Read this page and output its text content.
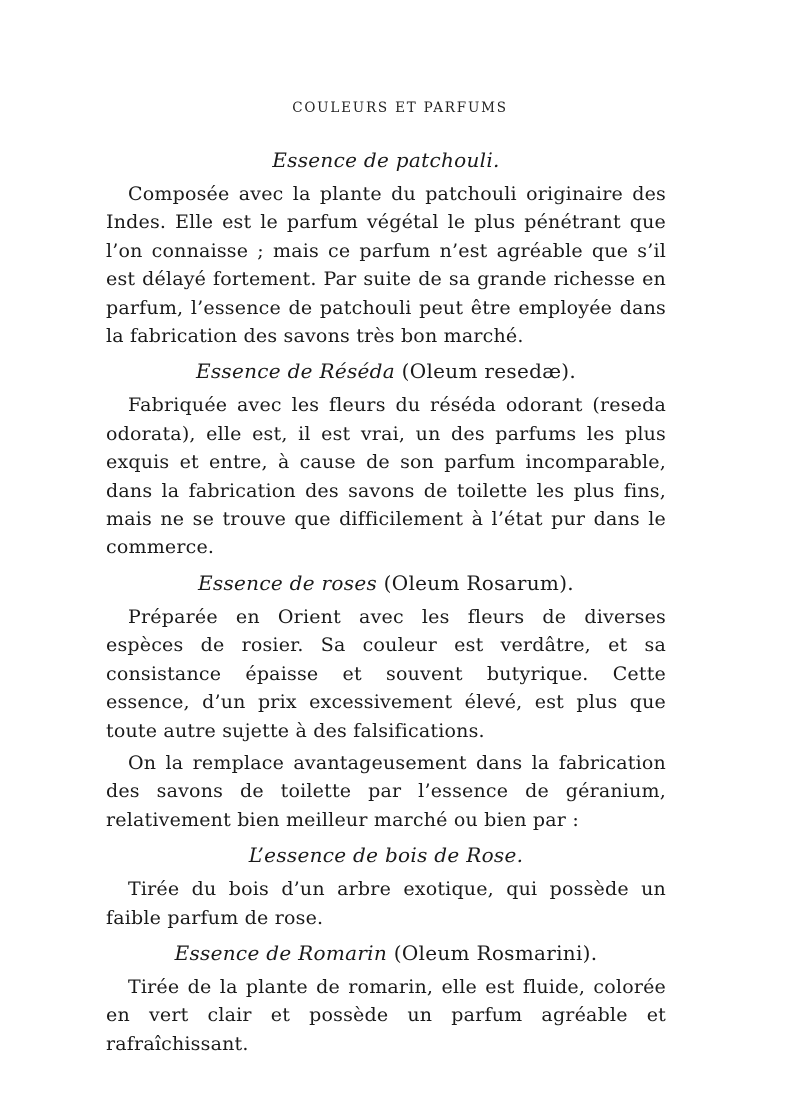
COULEURS ET PARFUMS
Essence de patchouli.

Composée avec la plante du patchouli originaire des Indes. Elle est le parfum végétal le plus pénétrant que l’on connaisse ; mais ce parfum n’est agréable que s’il est délayé fortement. Par suite de sa grande richesse en parfum, l’essence de patchouli peut être employée dans la fabrication des savons très bon marché.

Essence de Réséda (Oleum resedæ).

Fabriquée avec les fleurs du réséda odorant (reseda odorata), elle est, il est vrai, un des parfums les plus exquis et entre, à cause de son parfum incomparable, dans la fabrication des savons de toilette les plus fins, mais ne se trouve que difficilement à l’état pur dans le commerce.

Essence de roses (Oleum Rosarum).

Préparée en Orient avec les fleurs de diverses espèces de rosier. Sa couleur est verdâtre, et sa consistance épaisse et souvent butyrique. Cette essence, d’un prix excessivement élevé, est plus que toute autre sujette à des falsifications.

On la remplace avantageusement dans la fabrication des savons de toilette par l’essence de géranium, relativement bien meilleur marché ou bien par :

L’essence de bois de Rose.

Tirée du bois d’un arbre exotique, qui possède un faible parfum de rose.

Essence de Romarin (Oleum Rosmarini).

Tirée de la plante de romarin, elle est fluide, colorée en vert clair et possède un parfum agréable et rafraîchissant.
